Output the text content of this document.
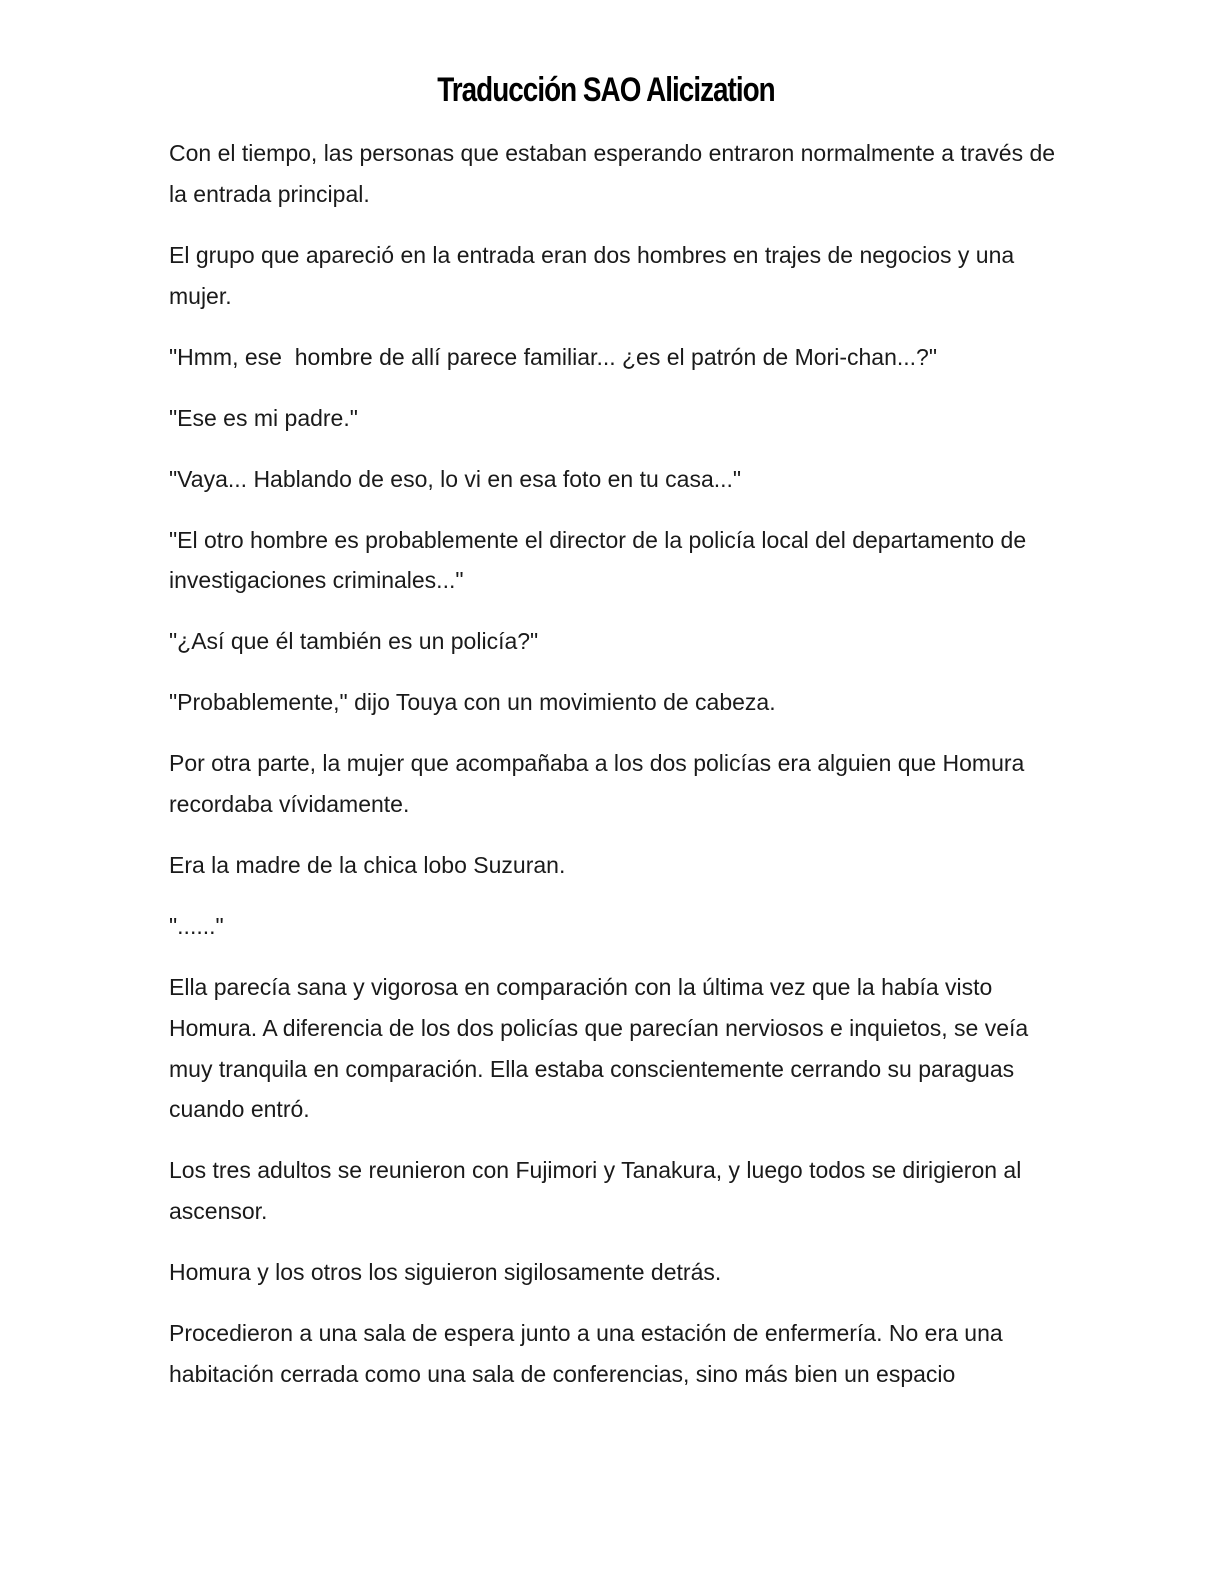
Traducción SAO Alicization

Con el tiempo, las personas que estaban esperando entraron normalmente a través de la entrada principal.

El grupo que apareció en la entrada eran dos hombres en trajes de negocios y una mujer.

"Hmm, ese  hombre de allí parece familiar... ¿es el patrón de Mori-chan...?"

"Ese es mi padre."

"Vaya... Hablando de eso, lo vi en esa foto en tu casa..."

"El otro hombre es probablemente el director de la policía local del departamento de investigaciones criminales..."

"¿Así que él también es un policía?"

"Probablemente," dijo Touya con un movimiento de cabeza.

Por otra parte, la mujer que acompañaba a los dos policías era alguien que Homura recordaba vívidamente.

Era la madre de la chica lobo Suzuran.

"......"

Ella parecía sana y vigorosa en comparación con la última vez que la había visto Homura. A diferencia de los dos policías que parecían nerviosos e inquietos, se veía muy tranquila en comparación. Ella estaba conscientemente cerrando su paraguas cuando entró.

Los tres adultos se reunieron con Fujimori y Tanakura, y luego todos se dirigieron al ascensor.

Homura y los otros los siguieron sigilosamente detrás.

Procedieron a una sala de espera junto a una estación de enfermería. No era una habitación cerrada como una sala de conferencias, sino más bien un espacio
